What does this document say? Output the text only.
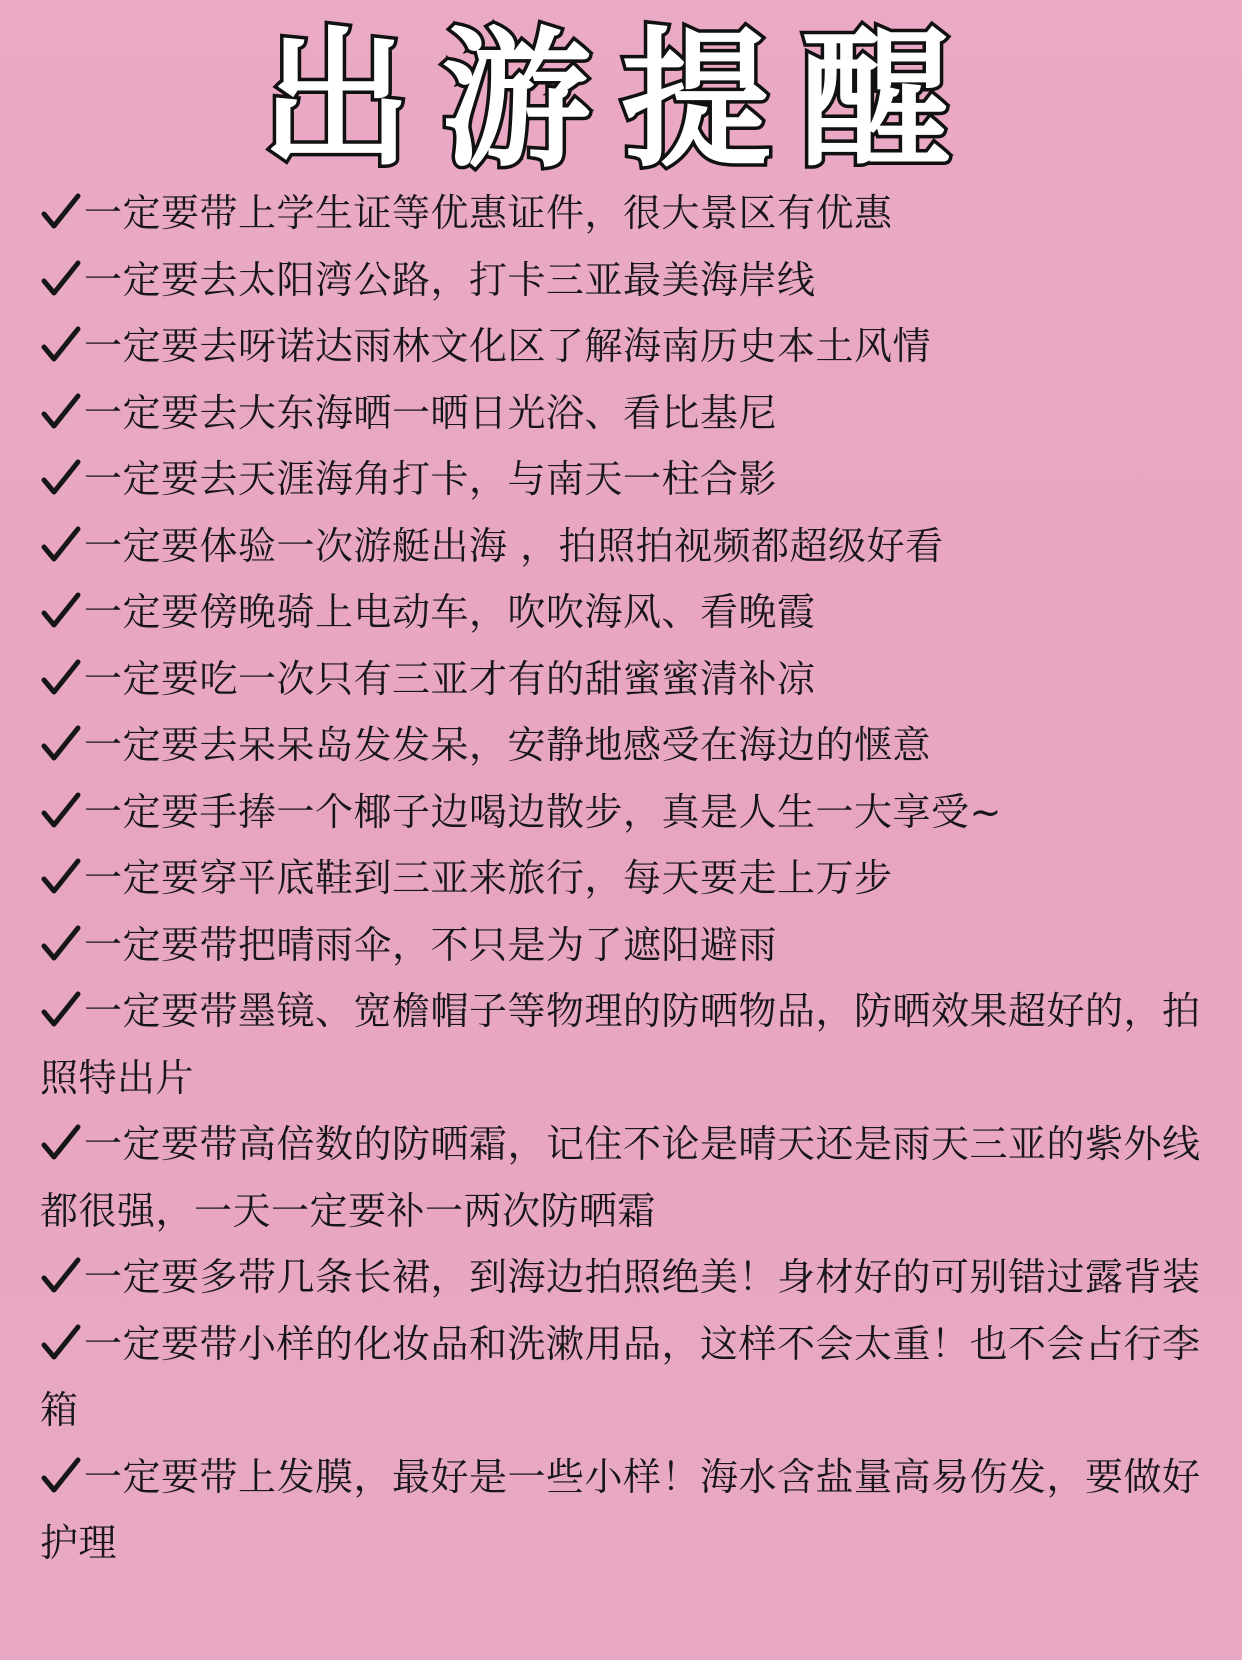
出游提醒
一定要带上学生证等优惠证件，很大景区有优惠
一定要去太阳湾公路，打卡三亚最美海岸线
一定要去呀诺达雨林文化区了解海南历史本土风情
一定要去大东海晒一晒日光浴、看比基尼
一定要去天涯海角打卡，与南天一柱合影
一定要体验一次游艇出海 ，拍照拍视频都超级好看
一定要傍晚骑上电动车，吹吹海风、看晚霞
一定要吃一次只有三亚才有的甜蜜蜜清补凉
一定要去呆呆岛发发呆，安静地感受在海边的惬意
一定要手捧一个椰子边喝边散步，真是人生一大享受~
一定要穿平底鞋到三亚来旅行，每天要走上万步
一定要带把晴雨伞，不只是为了遮阳避雨
一定要带墨镜、宽檐帽子等物理的防晒物品，防晒效果超好的，拍照特出片
一定要带高倍数的防晒霜，记住不论是晴天还是雨天三亚的紫外线都很强，一天一定要补一两次防晒霜
一定要多带几条长裙，到海边拍照绝美！身材好的可别错过露背装
一定要带小样的化妆品和洗漱用品，这样不会太重！也不会占行李箱
一定要带上发膜，最好是一些小样！海水含盐量高易伤发，要做好护理
